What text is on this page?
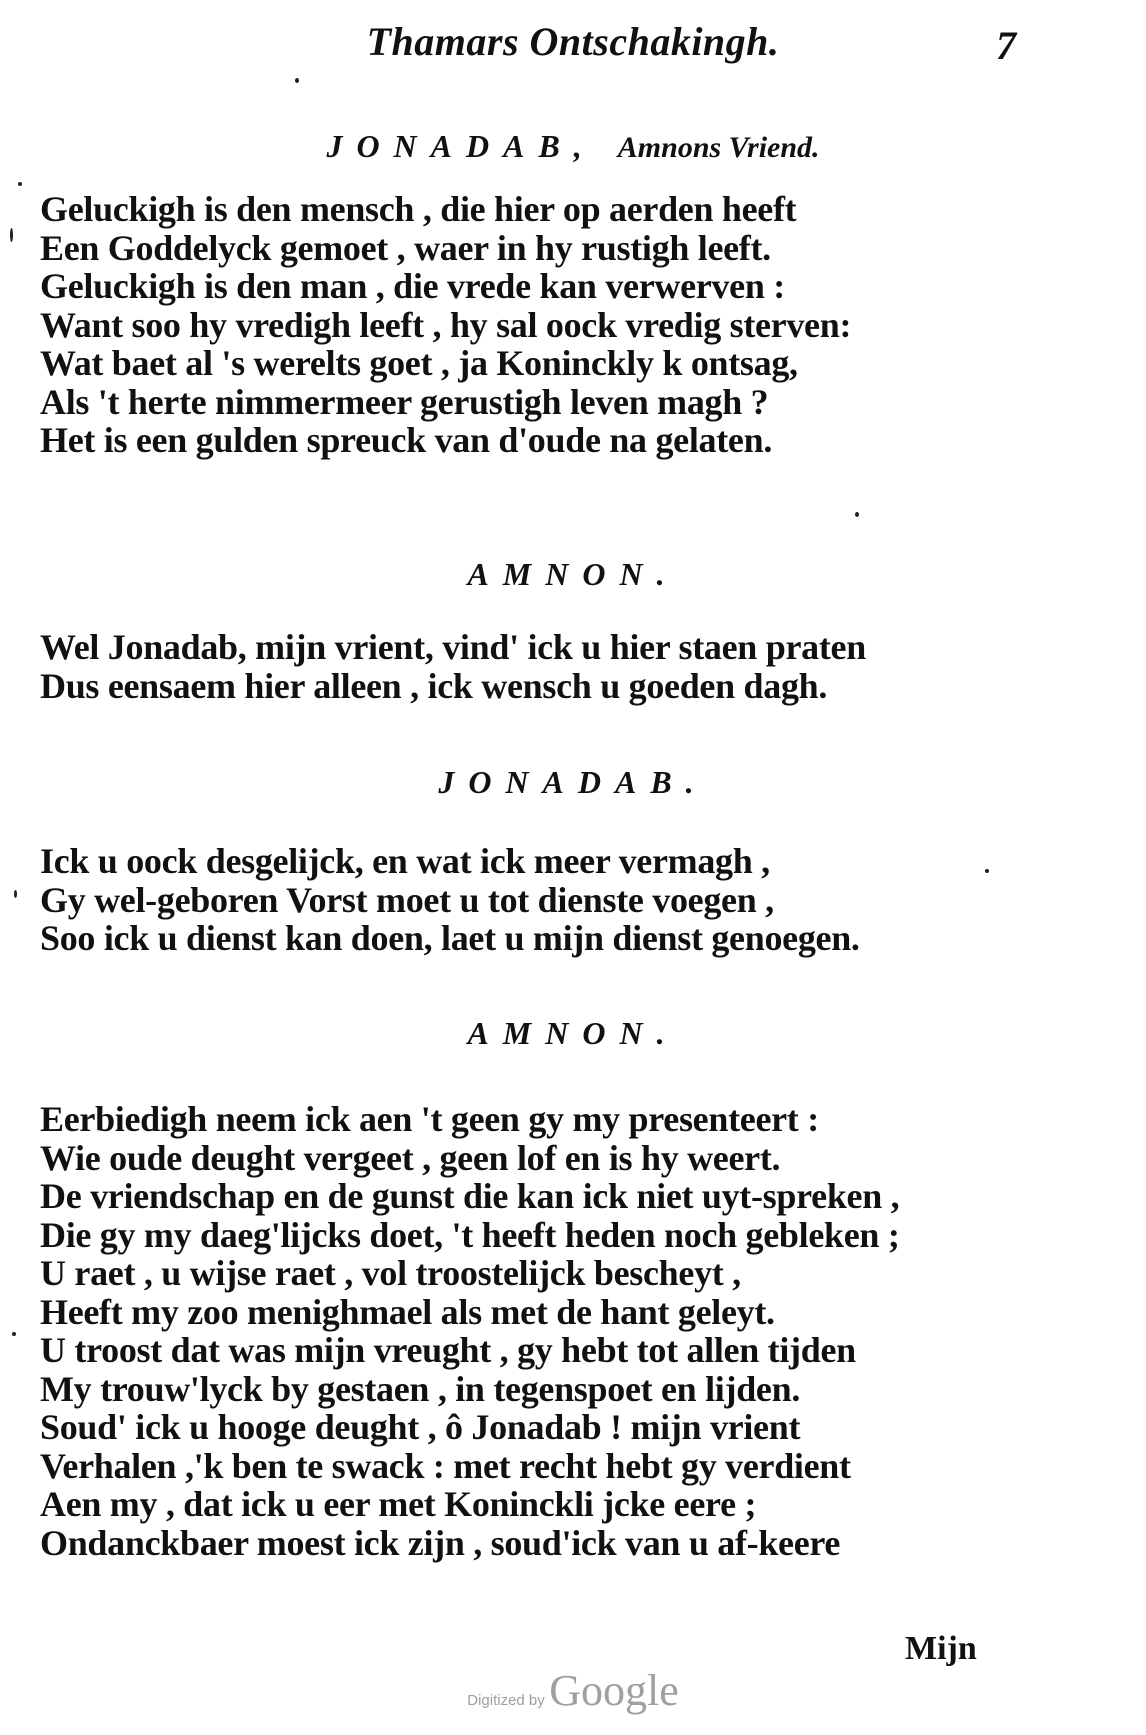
Thamars Ontschakingh.	7
JONADAB, Amnons Vriend.
Geluckigh is den mensch , die hier op aerden heeft
Een Goddelyck gemoet , waer in hy rustigh leeft.
Geluckigh is den man , die vrede kan verwerven :
Want soo hy vredigh leeft , hy sal oock vredig sterven:
Wat baet al 's werelts goet , ja Koninckly k ontsag,
Als 't herte nimmermeer gerustigh leven magh ?
Het is een gulden spreuck van d'oude na gelaten.
AMNON.
Wel Jonadab, mijn vrient, vind' ick u hier staen praten
Dus eensaem hier alleen , ick wensch u goeden dagh.
JONADAB.
Ick u oock desgelijck, en wat ick meer vermagh ,
Gy wel-geboren Vorst moet u tot dienste voegen ,
Soo ick u dienst kan doen, laet u mijn dienst genoegen.
AMNON.
Eerbiedigh neem ick aen 't geen gy my presenteert :
Wie oude deught vergeet , geen lof en is hy weert.
De vriendschap en de gunst die kan ick niet uyt-spreken ,
Die gy my daeg'lijcks doet, 't heeft heden noch gebleken ;
U raet , u wijse raet , vol troostelijck bescheyt ,
Heeft my zoo menighmael als met de hant geleyt.
U troost dat was mijn vreught , gy hebt tot allen tijden
My trouw'lyck by gestaen , in tegenspoet en lijden.
Soud' ick u hooge deught , ô Jonadab ! mijn vrient
Verhalen ,'k ben te swack : met recht hebt gy verdient
Aen my , dat ick u eer met Koninckli jcke eere ;
Ondanckbaer moest ick zijn , soud'ick van u af-keere
Mijn
Digitized by Google
